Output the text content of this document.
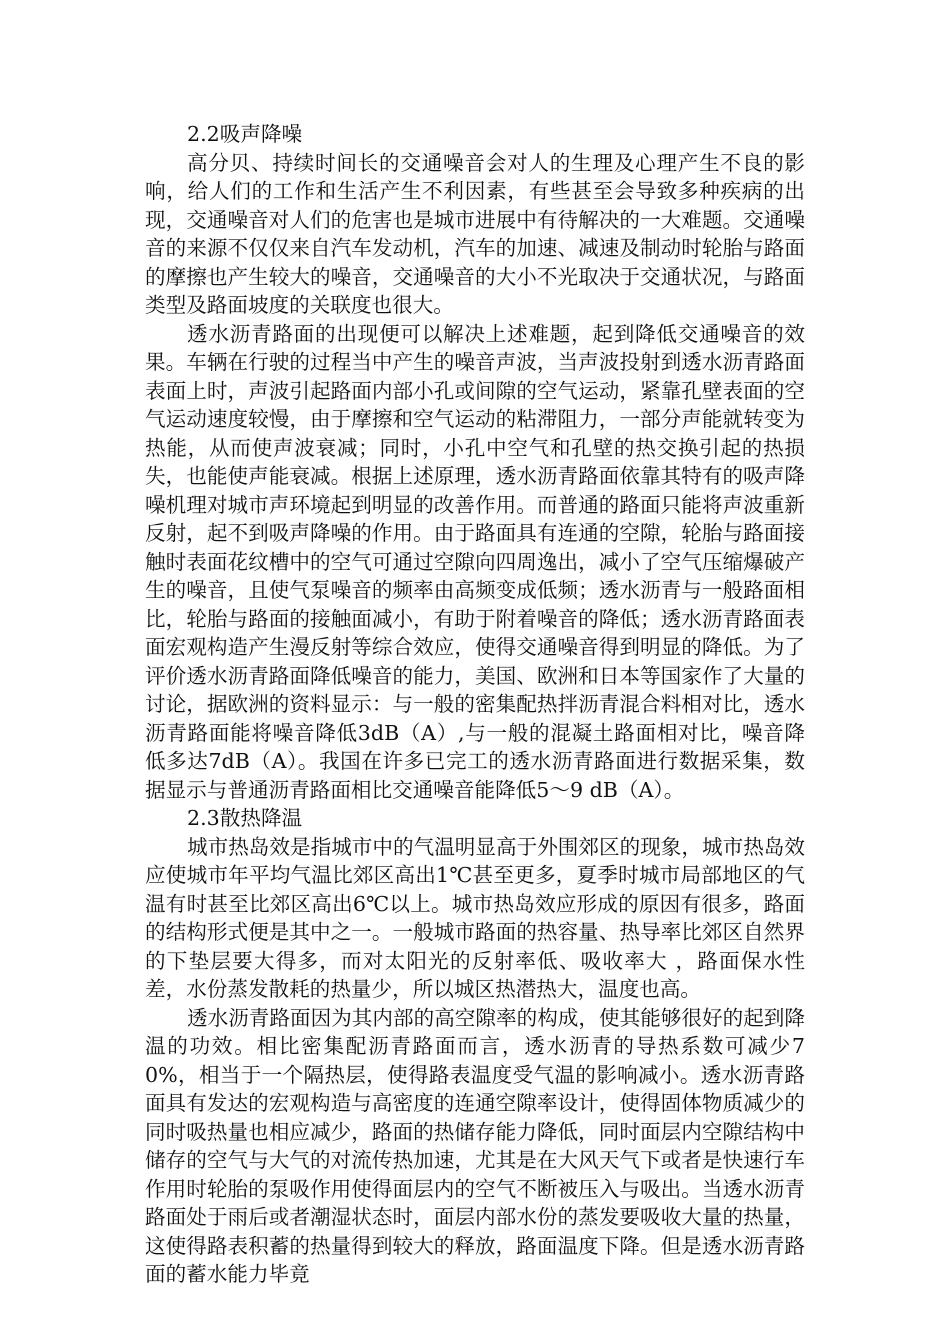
2.2吸声降噪

高分贝、持续时间长的交通噪音会对人的生理及心理产生不良的影响，给人们的工作和生活产生不利因素，有些甚至会导致多种疾病的出现，交通噪音对人们的危害也是城市进展中有待解决的一大难题。交通噪音的来源不仅仅来自汽车发动机，汽车的加速、减速及制动时轮胎与路面的摩擦也产生较大的噪音，交通噪音的大小不光取决于交通状况，与路面类型及路面坡度的关联度也很大。

透水沥青路面的出现便可以解决上述难题，起到降低交通噪音的效果。车辆在行驶的过程当中产生的噪音声波，当声波投射到透水沥青路面表面上时，声波引起路面内部小孔或间隙的空气运动，紧靠孔壁表面的空气运动速度较慢，由于摩擦和空气运动的粘滞阻力，一部分声能就转变为热能，从而使声波衰减；同时，小孔中空气和孔壁的热交换引起的热损失，也能使声能衰减。根据上述原理，透水沥青路面依靠其特有的吸声降噪机理对城市声环境起到明显的改善作用。而普通的路面只能将声波重新反射，起不到吸声降噪的作用。由于路面具有连通的空隙，轮胎与路面接触时表面花纹槽中的空气可通过空隙向四周逸出，减小了空气压缩爆破产生的噪音，且使气泵噪音的频率由高频变成低频；透水沥青与一般路面相比，轮胎与路面的接触面减小，有助于附着噪音的降低；透水沥青路面表面宏观构造产生漫反射等综合效应，使得交通噪音得到明显的降低。为了评价透水沥青路面降低噪音的能力，美国、欧洲和日本等国家作了大量的讨论，据欧洲的资料显示：与一般的密集配热拌沥青混合料相对比，透水沥青路面能将噪音降低3dB（A）,与一般的混凝土路面相对比，噪音降低多达7dB（A）。我国在许多已完工的透水沥青路面进行数据采集，数据显示与普通沥青路面相比交通噪音能降低5～9 dB（A）。

2.3散热降温

城市热岛效是指城市中的气温明显高于外围郊区的现象，城市热岛效应使城市年平均气温比郊区高出1℃甚至更多，夏季时城市局部地区的气温有时甚至比郊区高出6℃以上。城市热岛效应形成的原因有很多，路面的结构形式便是其中之一。一般城市路面的热容量、热导率比郊区自然界的下垫层要大得多，而对太阳光的反射率低、吸收率大 ，路面保水性差，水份蒸发散耗的热量少，所以城区热潜热大，温度也高。

透水沥青路面因为其内部的高空隙率的构成，使其能够很好的起到降温的功效。相比密集配沥青路面而言，透水沥青的导热系数可减少70%，相当于一个隔热层，使得路表温度受气温的影响减小。透水沥青路面具有发达的宏观构造与高密度的连通空隙率设计，使得固体物质减少的同时吸热量也相应减少，路面的热储存能力降低，同时面层内空隙结构中储存的空气与大气的对流传热加速，尤其是在大风天气下或者是快速行车作用时轮胎的泵吸作用使得面层内的空气不断被压入与吸出。当透水沥青路面处于雨后或者潮湿状态时，面层内部水份的蒸发要吸收大量的热量，这使得路表积蓄的热量得到较大的释放，路面温度下降。但是透水沥青路面的蓄水能力毕竟
